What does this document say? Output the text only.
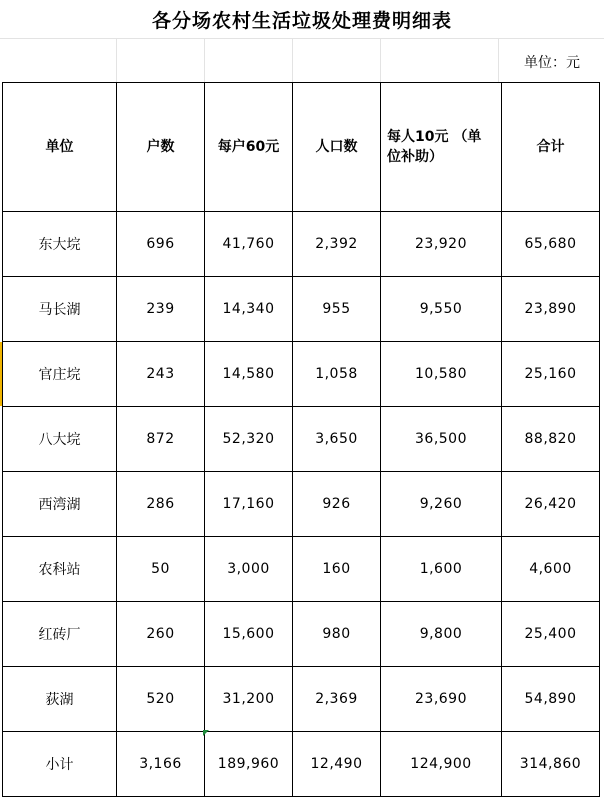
各分场农村生活垃圾处理费明细表
单位：元
单位	户数	每户60元	人口数	每人10元 （单位补助）	合计
东大垸	696	41,760	2,392	23,920	65,680
马长湖	239	14,340	955	9,550	23,890
官庄垸	243	14,580	1,058	10,580	25,160
八大垸	872	52,320	3,650	36,500	88,820
西湾湖	286	17,160	926	9,260	26,420
农科站	50	3,000	160	1,600	4,600
红砖厂	260	15,600	980	9,800	25,400
荻湖	520	31,200	2,369	23,690	54,890
小计	3,166	189,960	12,490	124,900	314,860
